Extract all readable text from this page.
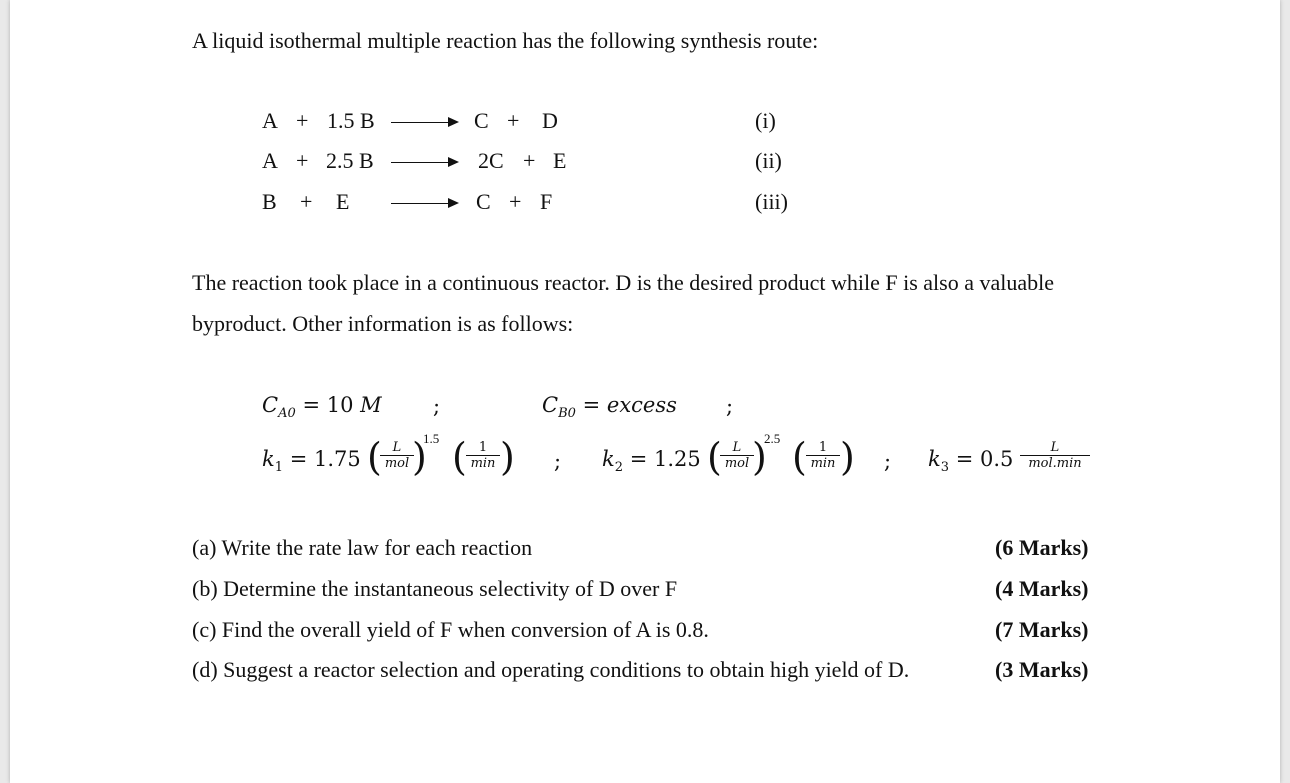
A liquid isothermal multiple reaction has the following synthesis route:
A + 1.5 B	C + D	(i)
A + 2.5 B	2C + E	(ii)
B + E	C + F	(iii)
The reaction took place in a continuous reactor. D is the desired product while F is also a valuable
byproduct. Other information is as follows:
$C_{A0} = 10$ M ;	$C_{B0}$ = excess ;
$k_1 = 1.75$ ( L
mol )
1.5 ( 1
min ) ; $k_2 = 1.25$ ( L
mol )
2.5 ( 1
min ) ; $k_3 = 0.5$	L
mol.min
(a) Write the rate law for each reaction	(6 Marks)
(b) Determine the instantaneous selectivity of D over F	(4 Marks)
(c) Find the overall yield of F when conversion of A is 0.8.	(7 Marks)
(d) Suggest a reactor selection and operating conditions to obtain high yield of D.	(3 Marks)
